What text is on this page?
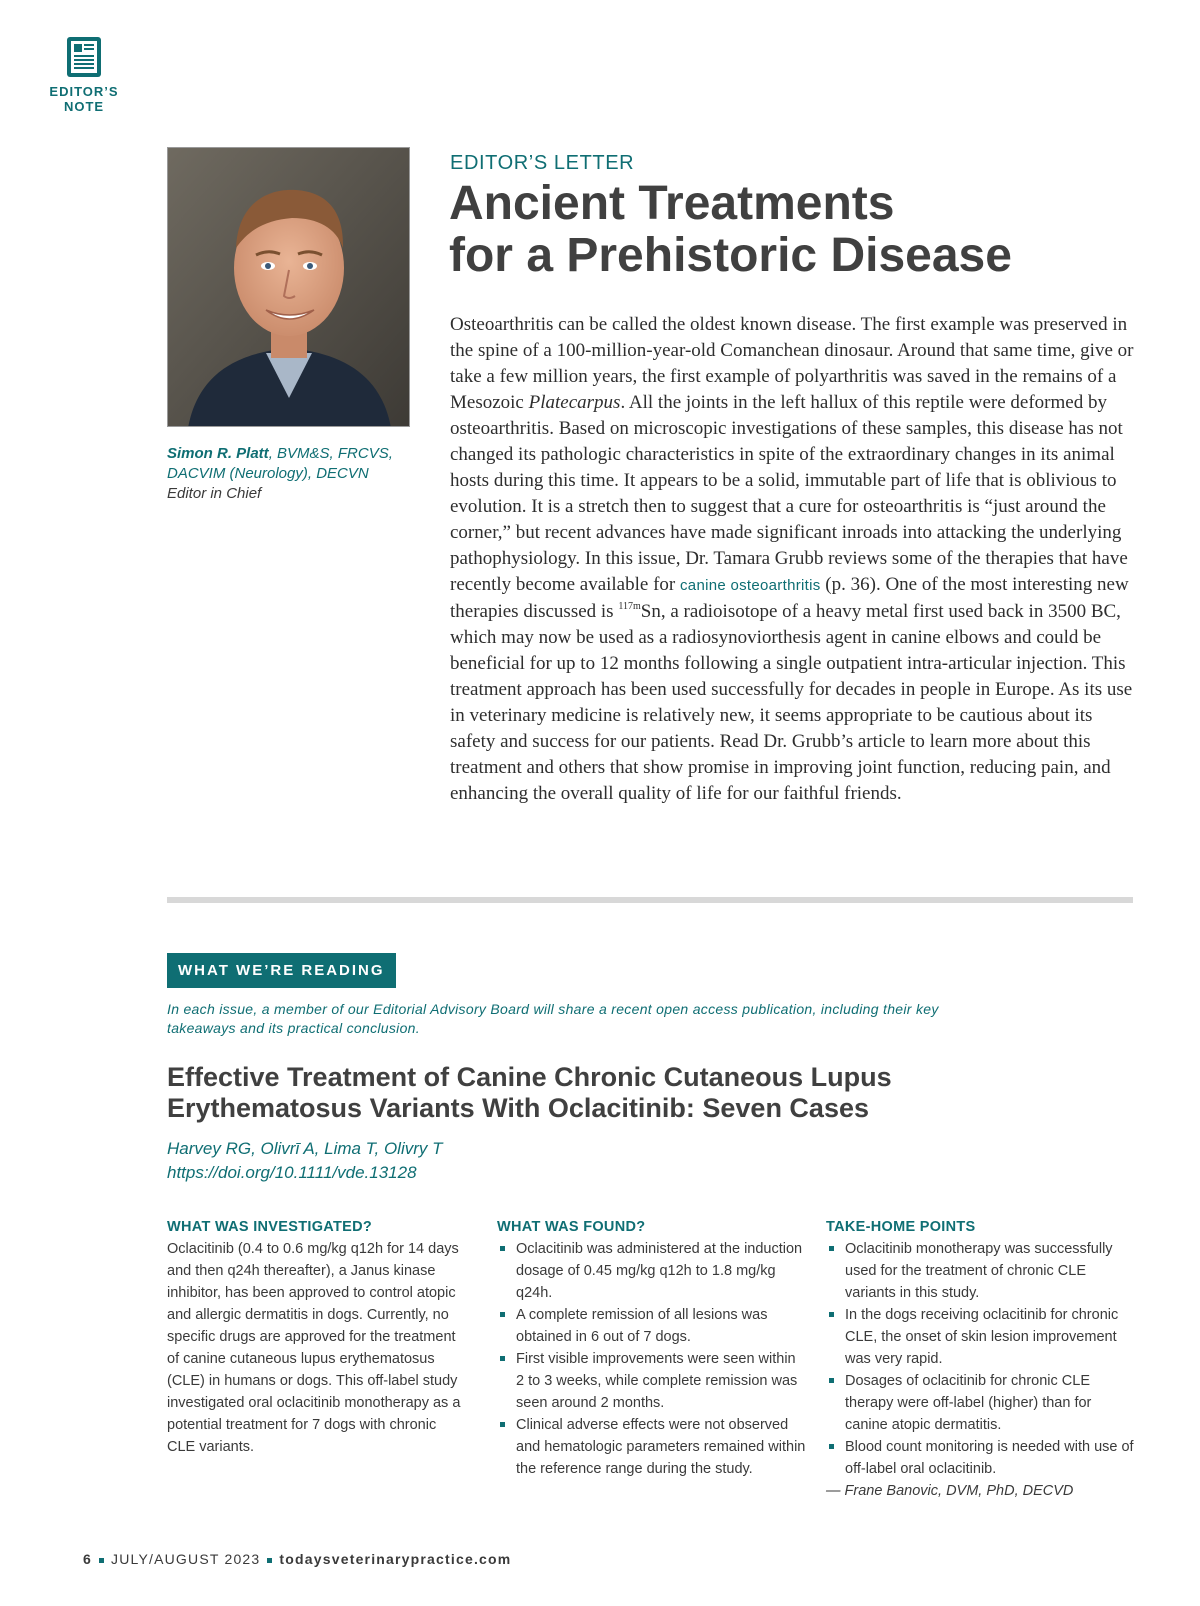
EDITOR’S
NOTE
Simon R. Platt, BVM&S, FRCVS, DACVIM (Neurology), DECVN
Editor in Chief
EDITOR’S LETTER
Ancient Treatments
for a Prehistoric Disease
Osteoarthritis can be called the oldest known disease. The first example was preserved in the spine of a 100-million-year-old Comanchean dinosaur. Around that same time, give or take a few million years, the first example of polyarthritis was saved in the remains of a Mesozoic Platecarpus. All the joints in the left hallux of this reptile were deformed by osteoarthritis. Based on microscopic investigations of these samples, this disease has not changed its pathologic characteristics in spite of the extraordinary changes in its animal hosts during this time. It appears to be a solid, immutable part of life that is oblivious to evolution. It is a stretch then to suggest that a cure for osteoarthritis is “just around the corner,” but recent advances have made significant inroads into attacking the underlying pathophysiology. In this issue, Dr. Tamara Grubb reviews some of the therapies that have recently become available for canine osteoarthritis (p. 36). One of the most interesting new therapies discussed is $^{117m}$Sn, a radioisotope of a heavy metal first used back in 3500 BC, which may now be used as a radiosynoviorthesis agent in canine elbows and could be beneficial for up to 12 months following a single outpatient intra-articular injection. This treatment approach has been used successfully for decades in people in Europe. As its use in veterinary medicine is relatively new, it seems appropriate to be cautious about its safety and success for our patients. Read Dr. Grubb’s article to learn more about this treatment and others that show promise in improving joint function, reducing pain, and enhancing the overall quality of life for our faithful friends.
WHAT WE’RE READING
In each issue, a member of our Editorial Advisory Board will share a recent open access publication, including their key takeaways and its practical conclusion.
Effective Treatment of Canine Chronic Cutaneous Lupus
Erythematosus Variants With Oclacitinib: Seven Cases
Harvey RG, Olivrī A, Lima T, Olivry T
https://doi.org/10.1111/vde.13128
WHAT WAS INVESTIGATED?
Oclacitinib (0.4 to 0.6 mg/kg q12h for 14 days and then q24h thereafter), a Janus kinase inhibitor, has been approved to control atopic and allergic dermatitis in dogs. Currently, no specific drugs are approved for the treatment of canine cutaneous lupus erythematosus (CLE) in humans or dogs. This off-label study investigated oral oclacitinib monotherapy as a potential treatment for 7 dogs with chronic CLE variants.
WHAT WAS FOUND?
Oclacitinib was administered at the induction dosage of 0.45 mg/kg q12h to 1.8 mg/kg q24h.
A complete remission of all lesions was obtained in 6 out of 7 dogs.
First visible improvements were seen within 2 to 3 weeks, while complete remission was seen around 2 months.
Clinical adverse effects were not observed and hematologic parameters remained within the reference range during the study.
TAKE-HOME POINTS
Oclacitinib monotherapy was successfully used for the treatment of chronic CLE variants in this study.
In the dogs receiving oclacitinib for chronic CLE, the onset of skin lesion improvement was very rapid.
Dosages of oclacitinib for chronic CLE therapy were off-label (higher) than for canine atopic dermatitis.
Blood count monitoring is needed with use of off-label oral oclacitinib.
— Frane Banovic, DVM, PhD, DECVD
6 JULY/AUGUST 2023 todaysveterinarypractice.com
